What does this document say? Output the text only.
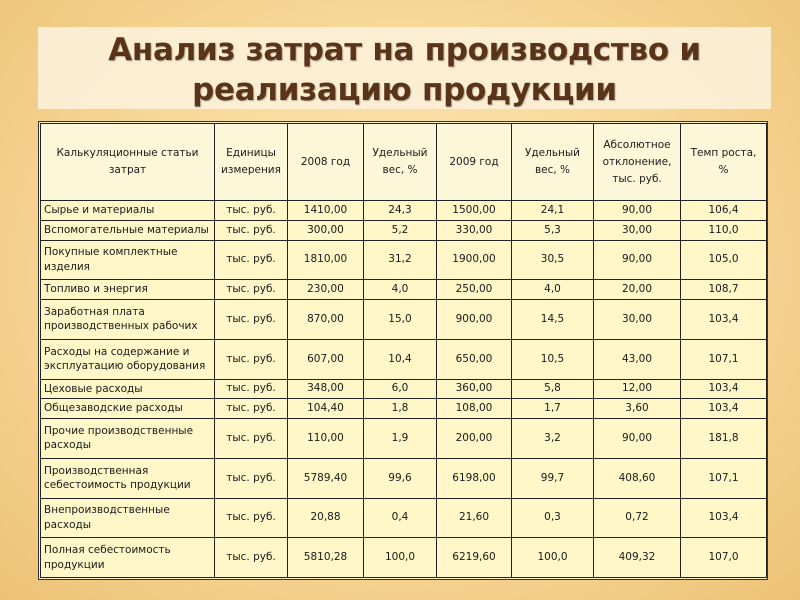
Анализ затрат на производство и
реализацию продукции
Калькуляционные статьи затрат	Единицы измерения	2008 год	Удельный вес, %	2009 год	Удельный вес, %	Абсолютное отклонение, тыс. руб.	Темп роста, %
Сырье и материалы	тыс. руб.	1410,00	24,3	1500,00	24,1	90,00	106,4
Вспомогательные материалы	тыс. руб.	300,00	5,2	330,00	5,3	30,00	110,0
Покупные комплектные изделия	тыс. руб.	1810,00	31,2	1900,00	30,5	90,00	105,0
Топливо и энергия	тыс. руб.	230,00	4,0	250,00	4,0	20,00	108,7
Заработная плата производственных рабочих	тыс. руб.	870,00	15,0	900,00	14,5	30,00	103,4
Расходы на содержание и эксплуатацию оборудования	тыс. руб.	607,00	10,4	650,00	10,5	43,00	107,1
Цеховые расходы	тыс. руб.	348,00	6,0	360,00	5,8	12,00	103,4
Общезаводские расходы	тыс. руб.	104,40	1,8	108,00	1,7	3,60	103,4
Прочие производственные расходы	тыс. руб.	110,00	1,9	200,00	3,2	90,00	181,8
Производственная себестоимость продукции	тыс. руб.	5789,40	99,6	6198,00	99,7	408,60	107,1
Внепроизводственные расходы	тыс. руб.	20,88	0,4	21,60	0,3	0,72	103,4
Полная себестоимость продукции	тыс. руб.	5810,28	100,0	6219,60	100,0	409,32	107,0
